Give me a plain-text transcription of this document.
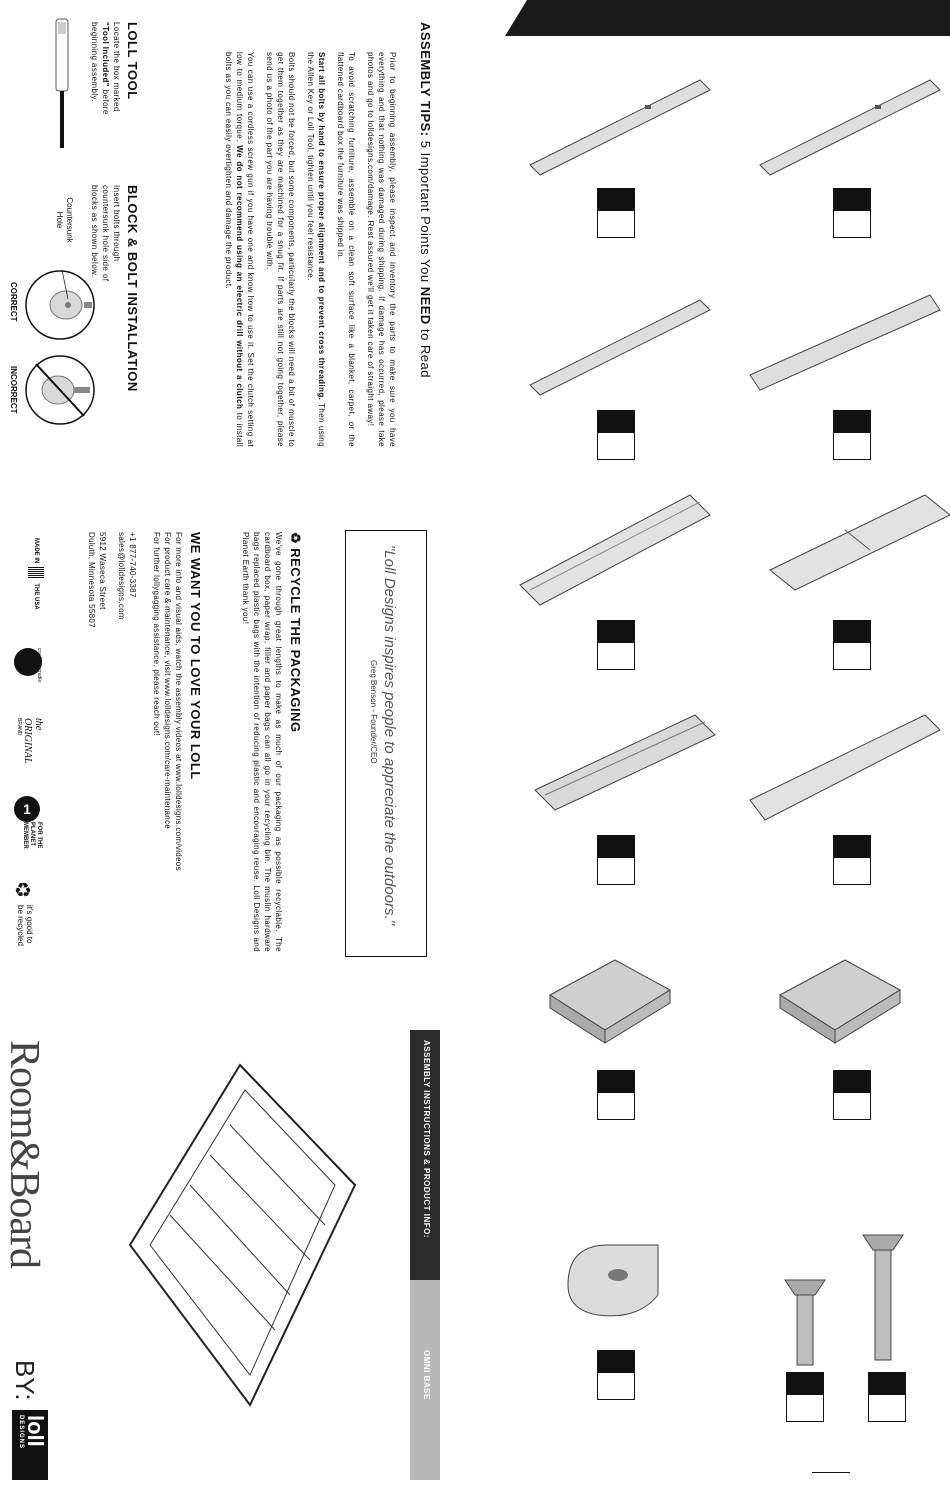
ASSEMBLY TIPS: 5 Important Points You NEED to Read

Prior to beginning assembly, please inspect and inventory the parts to make sure you have everything and that nothing was damaged during shipping. If damage has occurred, please take photos and go to lolldesigns.com/damage. Rest assured we'll get it taken care of straight away!

To avoid scratching furniture, assemble on a clean soft surface like a blanket, carpet, or the flattened cardboard box the furniture was shipped in.

Start all bolts by hand to ensure proper alignment and to prevent cross threading. Then using the Allen Key or Loll Tool, tighten until you feel resistance.

Bolts should not be forced, but some components, particularly the blocks will need a bit of muscle to get them together as they are machined for a snug fit. If parts are still not going together, please send us a photo of the part you are having trouble with.

You can use a cordless screw gun if you have one and know how to use it. Set the clutch setting at low to medium torque. We do not recommend using an electric drill without a clutch to install bolts as you can easily overtighten and damage the product.

LOLL TOOL

Locate the box marked "Tool Included" before beginning assembly.

BLOCK & BOLT INSTALLATION

Insert bolts through countersunk hole side of blocks as shown below.

Countersunk Hole
CORRECT
INCORRECT
"Loll Designs inspires people to appreciate the outdoors."
Greg Benson - Founder/CEO
♻ RECYCLE THE PACKAGING

We've gone through great lengths to make as much of our packaging as possible recyclable. The cardboard box, paper wrap, filler and paper bags can all go in your recycling bin. The muslin hardware bags replaced plastic bags with the intention of reducing plastic and encouraging reuse. Loll Designs and Planet Earth thank you!

WE WANT YOU TO LOVE YOUR LOLL
For more info and visual aids, watch the assembly videos at www.lolldesigns.com/videos
For product care & maintenance, visit www.lolldesigns.com/care-maintenance
For further lollygagging assistance, please reach out!
+1 877-740-3387
sales@lolldesigns.com
5912 Waseca Street
Duluth, Minnesota 55807
MADE IN
THE USA
cradle to cradle
the ORIGINAL
BRAND
1
FOR THE PLANET MEMBER
♻
it's good to
be recycled
Room&Board
BY:
loll
DESIGNS
ASSEMBLY INSTRUCTIONS & PRODUCT INFO:
OMNI BASE
